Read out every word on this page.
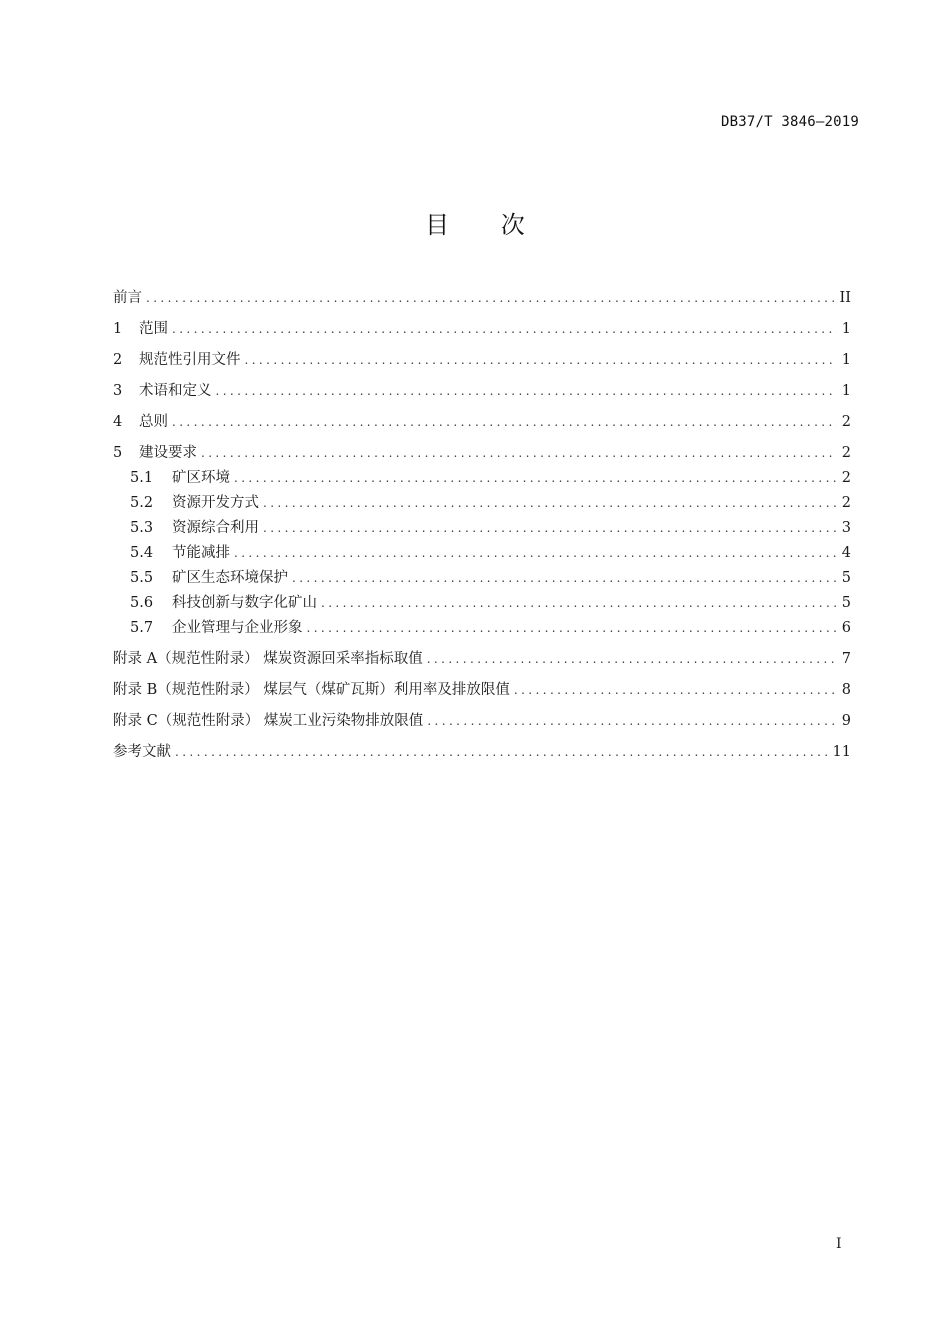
DB37/T 3846—2019
目 次
前言 .....	II
1	范围 .....	1
2	规范性引用文件 .....	1
3	术语和定义 .....	1
4	总则 .....	2
5	建设要求 .....	2
5.1	矿区环境 .....	2
5.2	资源开发方式 .....	2
5.3	资源综合利用 .....	3
5.4	节能减排 .....	4
5.5	矿区生态环境保护 .....	5
5.6	科技创新与数字化矿山 .....	5
5.7	企业管理与企业形象 .....	6
附录 A（规范性附录） 煤炭资源回采率指标取值 .....	7
附录 B（规范性附录） 煤层气（煤矿瓦斯）利用率及排放限值 .....	8
附录 C（规范性附录） 煤炭工业污染物排放限值 .....	9
参考文献 .....	11
I
